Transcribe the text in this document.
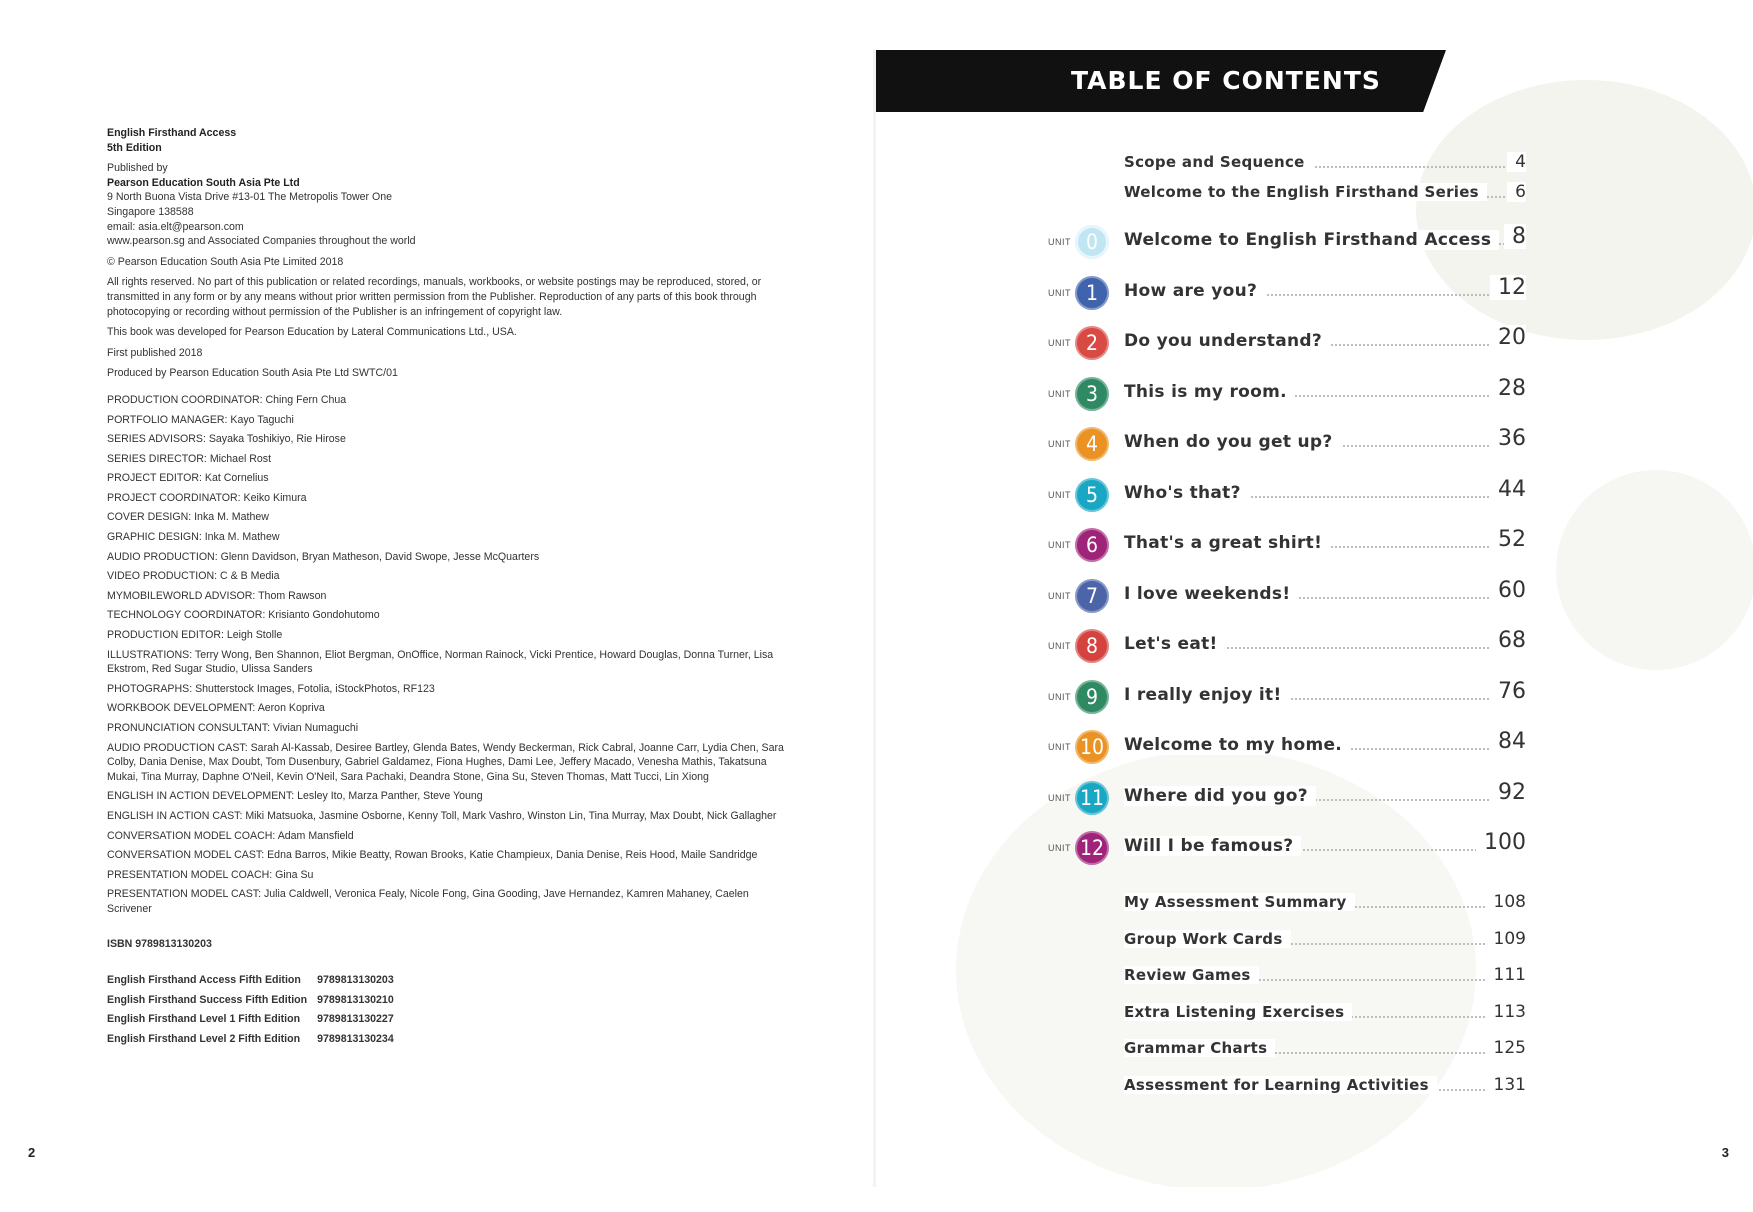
English Firsthand Access

5th Edition

Published by

Pearson Education South Asia Pte Ltd

9 North Buona Vista Drive #13-01 The Metropolis Tower One

Singapore 138588

email: asia.elt@pearson.com

www.pearson.sg and Associated Companies throughout the world

© Pearson Education South Asia Pte Limited 2018

All rights reserved. No part of this publication or related recordings, manuals, workbooks, or website postings may be reproduced, stored, or transmitted in any form or by any means without prior written permission from the Publisher. Reproduction of any parts of this book through photocopying or recording without permission of the Publisher is an infringement of copyright law.

This book was developed for Pearson Education by Lateral Communications Ltd., USA.

First published 2018

Produced by Pearson Education South Asia Pte Ltd SWTC/01

PRODUCTION COORDINATOR: Ching Fern Chua
PORTFOLIO MANAGER: Kayo Taguchi
SERIES ADVISORS: Sayaka Toshikiyo, Rie Hirose
SERIES DIRECTOR: Michael Rost
PROJECT EDITOR: Kat Cornelius
PROJECT COORDINATOR: Keiko Kimura
COVER DESIGN: Inka M. Mathew
GRAPHIC DESIGN: Inka M. Mathew
AUDIO PRODUCTION: Glenn Davidson, Bryan Matheson, David Swope, Jesse McQuarters
VIDEO PRODUCTION: C & B Media
MYMOBILEWORLD ADVISOR: Thom Rawson
TECHNOLOGY COORDINATOR: Krisianto Gondohutomo
PRODUCTION EDITOR: Leigh Stolle
ILLUSTRATIONS: Terry Wong, Ben Shannon, Eliot Bergman, OnOffice, Norman Rainock, Vicki Prentice, Howard Douglas, Donna Turner, Lisa Ekstrom, Red Sugar Studio, Ulissa Sanders
PHOTOGRAPHS: Shutterstock Images, Fotolia, iStockPhotos, RF123
WORKBOOK DEVELOPMENT: Aeron Kopriva
PRONUNCIATION CONSULTANT: Vivian Numaguchi
AUDIO PRODUCTION CAST: Sarah Al-Kassab, Desiree Bartley, Glenda Bates, Wendy Beckerman, Rick Cabral, Joanne Carr, Lydia Chen, Sara Colby, Dania Denise, Max Doubt, Tom Dusenbury, Gabriel Galdamez, Fiona Hughes, Dami Lee, Jeffery Macado, Venesha Mathis, Takatsuna Mukai, Tina Murray, Daphne O'Neil, Kevin O'Neil, Sara Pachaki, Deandra Stone, Gina Su, Steven Thomas, Matt Tucci, Lin Xiong
ENGLISH IN ACTION DEVELOPMENT: Lesley Ito, Marza Panther, Steve Young
ENGLISH IN ACTION CAST: Miki Matsuoka, Jasmine Osborne, Kenny Toll, Mark Vashro, Winston Lin, Tina Murray, Max Doubt, Nick Gallagher
CONVERSATION MODEL COACH: Adam Mansfield
CONVERSATION MODEL CAST: Edna Barros, Mikie Beatty, Rowan Brooks, Katie Champieux, Dania Denise, Reis Hood, Maile Sandridge
PRESENTATION MODEL COACH: Gina Su
PRESENTATION MODEL CAST: Julia Caldwell, Veronica Fealy, Nicole Fong, Gina Gooding, Jave Hernandez, Kamren Mahaney, Caelen Scrivener
ISBN 9789813130203
English Firsthand Access Fifth Edition	9789813130203
English Firsthand Success Fifth Edition	9789813130210
English Firsthand Level 1 Fifth Edition	9789813130227
English Firsthand Level 2 Fifth Edition	9789813130234
2
TABLE OF CONTENTS
Scope and Sequence	4
Welcome to the English Firsthand Series	6
UNIT 0	Welcome to English Firsthand Access 8
UNIT 1	How are you?	12
UNIT 2	Do you understand?	20
UNIT 3	This is my room.	28
UNIT 4	When do you get up?	36
UNIT 5	Who's that?	44
UNIT 6	That's a great shirt!	52
UNIT 7	I love weekends!	60
UNIT 8	Let's eat!	68
UNIT 9	I really enjoy it!	76
UNIT 10 Welcome to my home.	84
UNIT 11 Where did you go?	92
UNIT 12 Will I be famous?	100
My Assessment Summary	108
Group Work Cards	109
Review Games	111
Extra Listening Exercises	113
Grammar Charts	125
Assessment for Learning Activities	131
3
